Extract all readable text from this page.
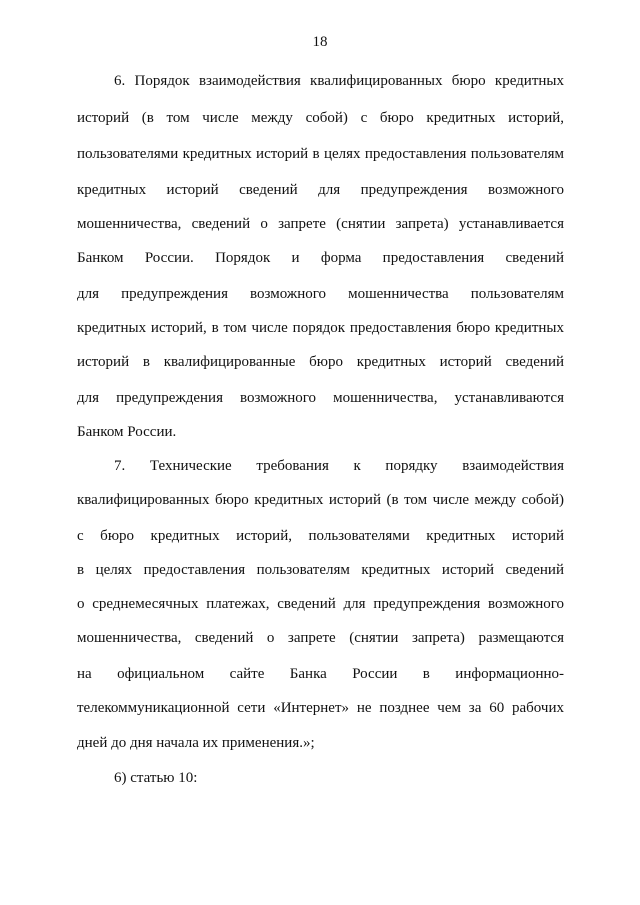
18
6. Порядок взаимодействия квалифицированных бюро кредитных
историй (в том числе между собой) с бюро кредитных историй,
пользователями кредитных историй в целях предоставления пользователям
кредитных историй сведений для предупреждения возможного
мошенничества, сведений о запрете (снятии запрета) устанавливается
Банком России. Порядок и форма предоставления сведений
для предупреждения возможного мошенничества пользователям
кредитных историй, в том числе порядок предоставления бюро кредитных
историй в квалифицированные бюро кредитных историй сведений
для предупреждения возможного мошенничества, устанавливаются
Банком России.
7. Технические требования к порядку взаимодействия
квалифицированных бюро кредитных историй (в том числе между собой)
с бюро кредитных историй, пользователями кредитных историй
в целях предоставления пользователям кредитных историй сведений
о среднемесячных платежах, сведений для предупреждения возможного
мошенничества, сведений о запрете (снятии запрета) размещаются
на официальном сайте Банка России в информационно-
телекоммуникационной сети «Интернет» не позднее чем за 60 рабочих
дней до дня начала их применения.»;
6) статью 10:
